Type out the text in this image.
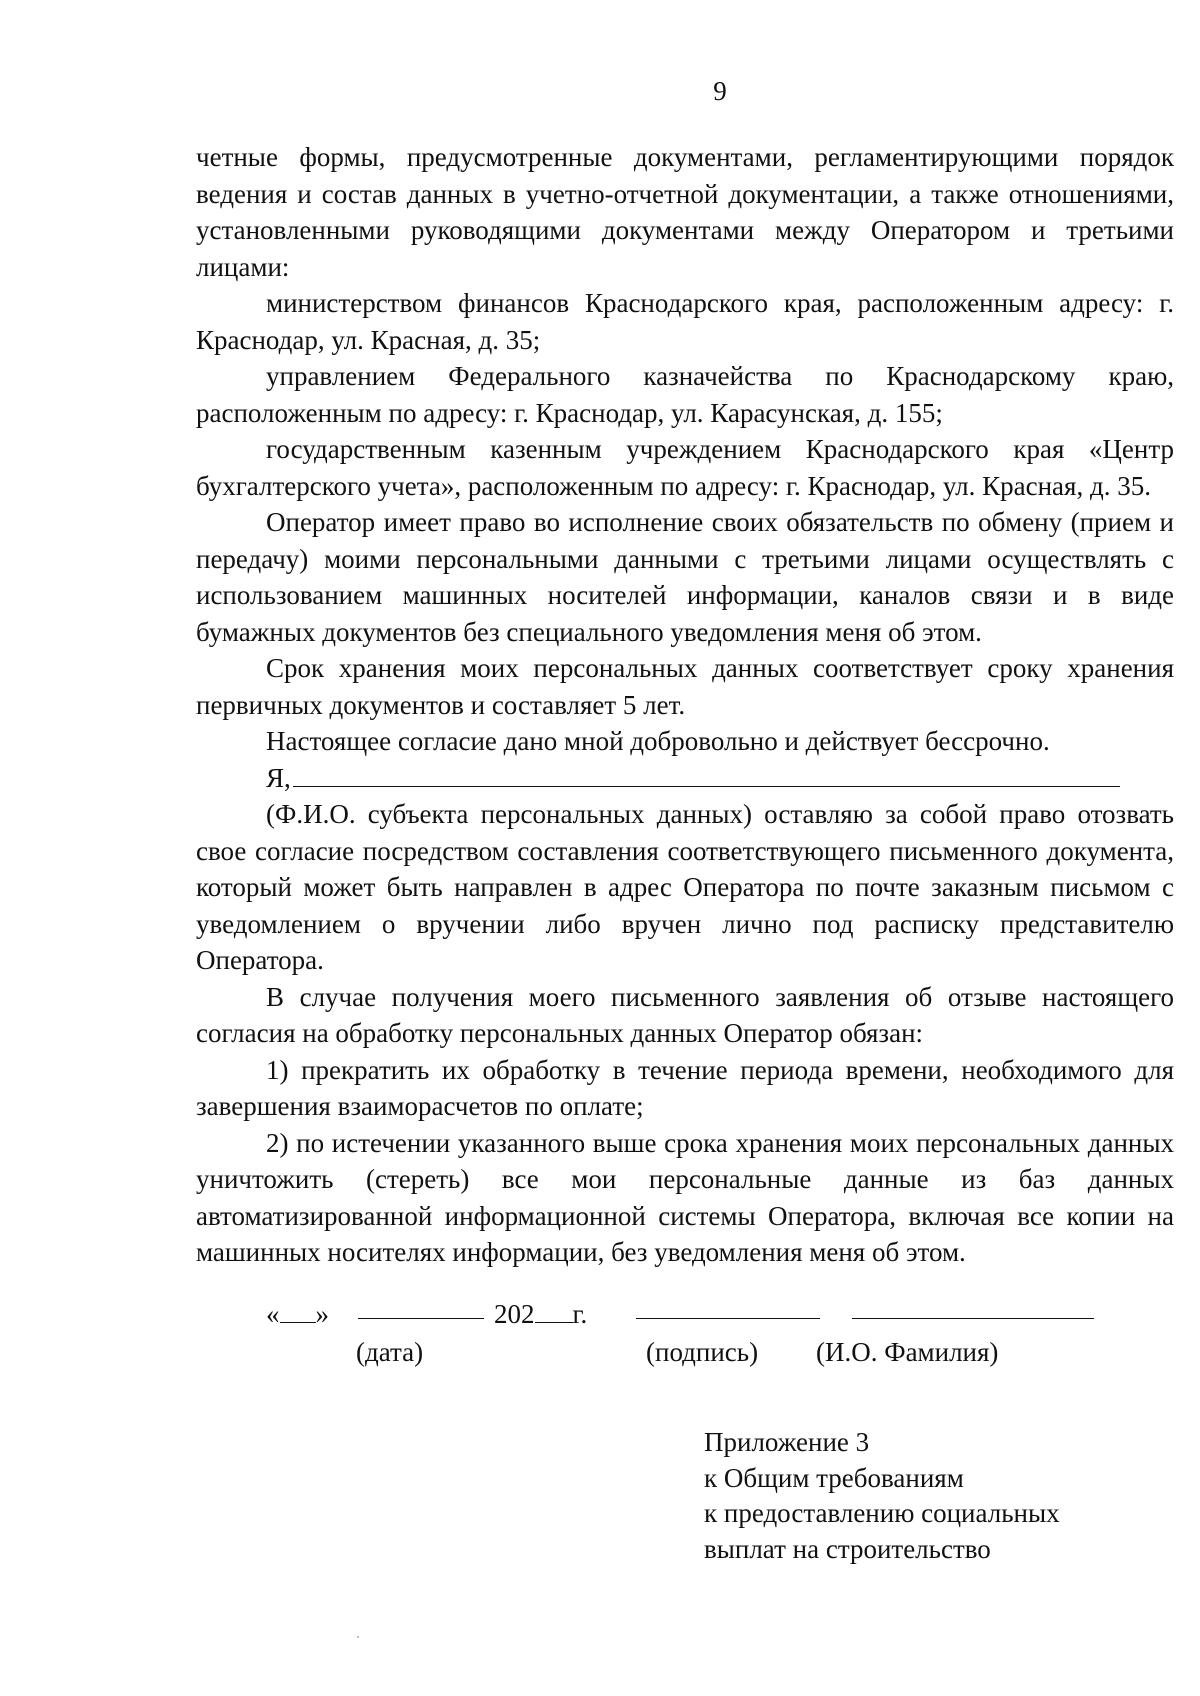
9

четные формы, предусмотренные документами, регламентирующими порядок ведения и состав данных в учетно-отчетной документации, а также отношениями, установленными руководящими документами между Оператором и третьими лицами:

министерством финансов Краснодарского края, расположенным адресу: г. Краснодар, ул. Красная, д. 35;

управлением Федерального казначейства по Краснодарскому краю, расположенным по адресу: г. Краснодар, ул. Карасунская, д. 155;

государственным казенным учреждением Краснодарского края «Центр бухгалтерского учета», расположенным по адресу: г. Краснодар, ул. Красная, д. 35.

Оператор имеет право во исполнение своих обязательств по обмену (прием и передачу) моими персональными данными с третьими лицами осуществлять с использованием машинных носителей информации, каналов связи и в виде бумажных документов без специального уведомления меня об этом.

Срок хранения моих персональных данных соответствует сроку хранения первичных документов и составляет 5 лет.

Настоящее согласие дано мной добровольно и действует бессрочно.

Я,

(Ф.И.О. субъекта персональных данных) оставляю за собой право отозвать свое согласие посредством составления соответствующего письменного документа, который может быть направлен в адрес Оператора по почте заказным письмом с уведомлением о вручении либо вручен лично под расписку представителю Оператора.

В случае получения моего письменного заявления об отзыве настоящего согласия на обработку персональных данных Оператор обязан:

1) прекратить их обработку в течение периода времени, необходимого для завершения взаиморасчетов по оплате;

2) по истечении указанного выше срока хранения моих персональных данных уничтожить (стереть) все мои персональные данные из баз данных автоматизированной информационной системы Оператора, включая все копии на машинных носителях информации, без уведомления меня об этом.

« »	202 г.
(дата)	(подпись) (И.О. Фамилия)
Приложение 3
к Общим требованиям
к предоставлению социальных
выплат на строительство
